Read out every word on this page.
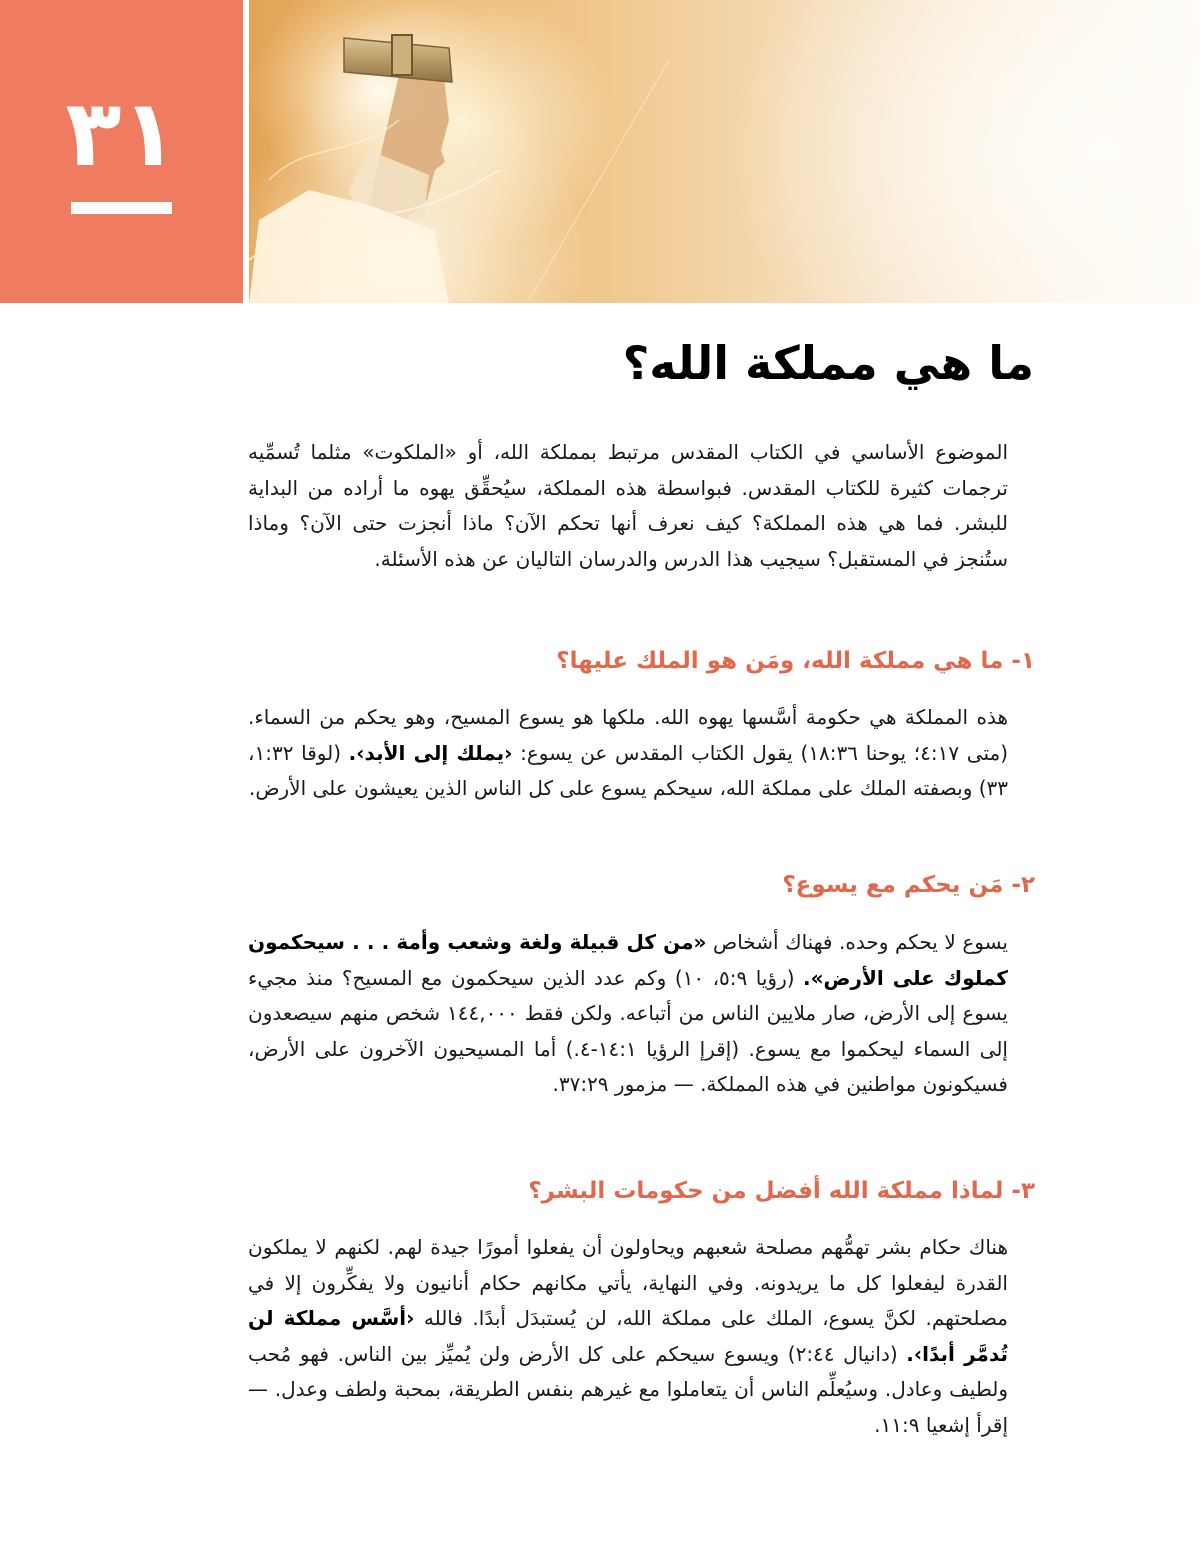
٣١
ما هي مملكة الله؟

الموضوع الأساسي في الكتاب المقدس مرتبط بمملكة الله، أو «الملكوت» مثلما تُسمِّيه ترجمات كثيرة للكتاب المقدس. فبواسطة هذه المملكة، سيُحقِّق يهوه ما أراده من البداية للبشر. فما هي هذه المملكة؟ كيف نعرف أنها تحكم الآن؟ ماذا أنجزت حتى الآن؟ وماذا ستُنجز في المستقبل؟ سيجيب هذا الدرس والدرسان التاليان عن هذه الأسئلة.

١- ما هي مملكة الله، ومَن هو الملك عليها؟

هذه المملكة هي حكومة أسَّسها يهوه الله. ملكها هو يسوع المسيح، وهو يحكم من السماء. (متى ٤:١٧؛ يوحنا ١٨:٣٦) يقول الكتاب المقدس عن يسوع: ‹يملك إلى الأبد›. (لوقا ١:٣٢، ٣٣) وبصفته الملك على مملكة الله، سيحكم يسوع على كل الناس الذين يعيشون على الأرض.

٢- مَن يحكم مع يسوع؟

يسوع لا يحكم وحده. فهناك أشخاص «من كل قبيلة ولغة وشعب وأمة . . . سيحكمون كملوك على الأرض». (رؤيا ٥:٩، ١٠) وكم عدد الذين سيحكمون مع المسيح؟ منذ مجيء يسوع إلى الأرض، صار ملايين الناس من أتباعه. ولكن فقط ١٤٤,٠٠٠ شخص منهم سيصعدون إلى السماء ليحكموا مع يسوع. (إقرإ الرؤيا ١٤:١-٤.) أما المسيحيون الآخرون على الأرض، فسيكونون مواطنين في هذه المملكة. — مزمور ٣٧:٢٩.

٣- لماذا مملكة الله أفضل من حكومات البشر؟

هناك حكام بشر تهمُّهم مصلحة شعبهم ويحاولون أن يفعلوا أمورًا جيدة لهم. لكنهم لا يملكون القدرة ليفعلوا كل ما يريدونه. وفي النهاية، يأتي مكانهم حكام أنانيون ولا يفكِّرون إلا في مصلحتهم. لكنَّ يسوع، الملك على مملكة الله، لن يُستبدَل أبدًا. فالله ‹أسَّس مملكة لن تُدمَّر أبدًا›. (دانيال ٢:٤٤) ويسوع سيحكم على كل الأرض ولن يُميِّز بين الناس. فهو مُحب ولطيف وعادل. وسيُعلِّم الناس أن يتعاملوا مع غيرهم بنفس الطريقة، بمحبة ولطف وعدل. — إقرأ إشعيا ١١:٩.
